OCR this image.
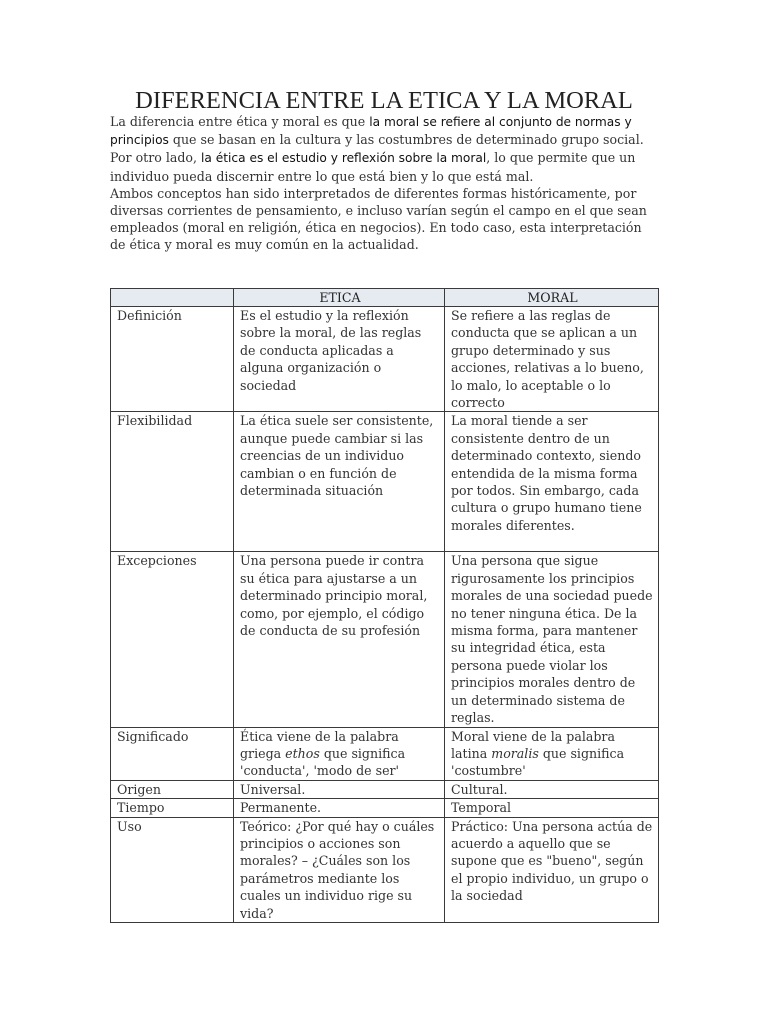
DIFERENCIA ENTRE LA ETICA Y LA MORAL

La diferencia entre ética y moral es que la moral se refiere al conjunto de normas y principios que se basan en la cultura y las costumbres de determinado grupo social. Por otro lado, la ética es el estudio y reflexión sobre la moral, lo que permite que un individuo pueda discernir entre lo que está bien y lo que está mal.

Ambos conceptos han sido interpretados de diferentes formas históricamente, por diversas corrientes de pensamiento, e incluso varían según el campo en el que sean empleados (moral en religión, ética en negocios). En todo caso, esta interpretación de ética y moral es muy común en la actualidad.

	ETICA	MORAL
Definición	Es el estudio y la reflexión sobre la moral, de las reglas de conducta aplicadas a alguna organización o sociedad	Se refiere a las reglas de conducta que se aplican a un grupo determinado y sus acciones, relativas a lo bueno, lo malo, lo aceptable o lo correcto
Flexibilidad	La ética suele ser consistente, aunque puede cambiar si las creencias de un individuo cambian o en función de determinada situación	La moral tiende a ser consistente dentro de un determinado contexto, siendo entendida de la misma forma por todos. Sin embargo, cada cultura o grupo humano tiene morales diferentes.
Excepciones	Una persona puede ir contra su ética para ajustarse a un determinado principio moral, como, por ejemplo, el código de conducta de su profesión	Una persona que sigue rigurosamente los principios morales de una sociedad puede no tener ninguna ética. De la misma forma, para mantener su integridad ética, esta persona puede violar los principios morales dentro de un determinado sistema de reglas.
Significado	Ética viene de la palabra griega ethos que significa 'conducta', 'modo de ser'	Moral viene de la palabra latina moralis que significa 'costumbre'
Origen	Universal.	Cultural.
Tiempo	Permanente.	Temporal
Uso	Teórico: ¿Por qué hay o cuáles principios o acciones son morales? – ¿Cuáles son los parámetros mediante los cuales un individuo rige su vida?	Práctico: Una persona actúa de acuerdo a aquello que se supone que es "bueno", según el propio individuo, un grupo o la sociedad
